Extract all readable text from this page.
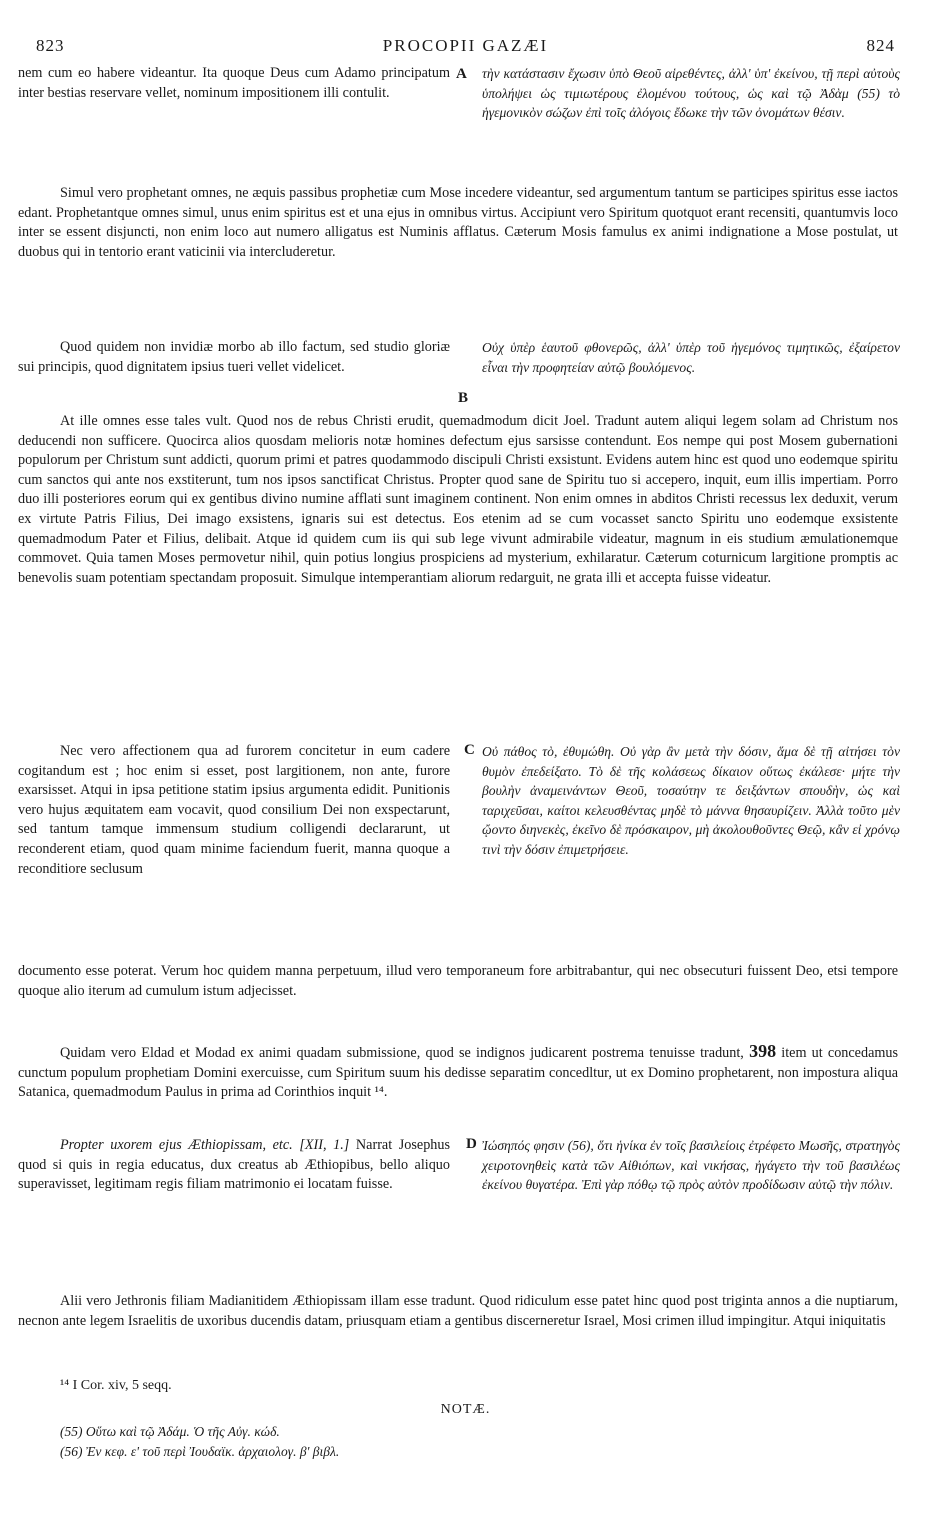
823	PROCOPII GAZÆI	824

nem cum eo habere videantur. Ita quoque Deus cum Adamo principatum inter bestias reservare vellet, nominum impositionem illi contulit.

A τὴν κατάστασιν ἔχωσιν ὑπὸ Θεοῦ αἱρεθέντες, ἀλλ' ὑπ' ἐκείνου, τῇ περὶ αὐτοὺς ὑπολήψει ὡς τιμιωτέρους ἐλομένου τούτους, ὡς καὶ τῷ Ἀδὰμ (55) τὸ ἡγεμονικὸν σώζων ἐπὶ τοῖς ἀλόγοις ἔδωκε τὴν τῶν ὀνομάτων θέσιν.

Simul vero prophetant omnes, ne æquis passibus prophetiæ cum Mose incedere videantur, sed argumentum tantum se participes spiritus esse iactos edant. Prophetantque omnes simul, unus enim spiritus est et una ejus in omnibus virtus. Accipiunt vero Spiritum quotquot erant recensiti, quantumvis loco inter se essent disjuncti, non enim loco aut numero alligatus est Numinis afflatus. Cæterum Mosis famulus ex animi indignatione a Mose postulat, ut duobus qui in tentorio erant vaticinii via intercluderetur.

Quod quidem non invidiæ morbo ab illo factum, sed studio gloriæ sui principis, quod dignitatem ipsius tueri vellet videlicet.

B

Οὐχ ὑπὲρ ἑαυτοῦ φθονερῶς, ἀλλ' ὑπὲρ τοῦ ἡγεμόνος τιμητικῶς, ἐξαίρετον εἶναι τὴν προφητείαν αὐτῷ βουλόμενος.

At ille omnes esse tales vult. Quod nos de rebus Christi erudit, quemadmodum dicit Joel. Tradunt autem aliqui legem solam ad Christum nos deducendi non sufficere. Quocirca alios quosdam melioris notæ homines defectum ejus sarsisse contendunt. Eos nempe qui post Mosem gubernationi populorum per Christum sunt addicti, quorum primi et patres quodammodo discipuli Christi exsistunt. Evidens autem hinc est quod uno eodemque spiritu cum sanctos qui ante nos exstiterunt, tum nos ipsos sanctificat Christus. Propter quod sane de Spiritu tuo si accepero, inquit, eum illis impertiam. Porro duo illi posteriores eorum qui ex gentibus divino numine afflati sunt imaginem continent. Non enim omnes in abditos Christi recessus lex deduxit, verum ex virtute Patris Filius, Dei imago exsistens, ignaris sui est detectus. Eos etenim ad se cum vocasset sancto Spiritu uno eodemque exsistente quemadmodum Pater et Filius, delibait. Atque id quidem cum iis qui sub lege vivunt admirabile videatur, magnum in eis studium æmulationemque commovet. Quia tamen Moses permovetur nihil, quin potius longius prospiciens ad mysterium, exhilaratur. Cæterum coturnicum largitione promptis ac benevolis suam potentiam spectandam proposuit. Simulque intemperantiam aliorum redarguit, ne grata illi et accepta fuisse videatur.

Nec vero affectionem qua ad furorem concitetur in eum cadere cogitandum est ; hoc enim si esset, post largitionem, non ante, furore exarsisset. Atqui in ipsa petitione statim ipsius argumenta edidit. Punitionis vero hujus æquitatem eam vocavit, quod consilium Dei non exspectarunt, sed tantum tamque immensum studium colligendi declararunt, ut reconderent etiam, quod quam minime faciendum fuerit, manna quoque a reconditiore seclusum

C Οὐ πάθος τὸ, ἐθυμώθη. Οὐ γὰρ ἂν μετὰ τὴν δόσιν, ἅμα δὲ τῇ αἰτήσει τὸν θυμὸν ἐπεδείξατο. Τὸ δὲ τῆς κολάσεως δίκαιον οὕτως ἐκάλεσε· μήτε τὴν βουλὴν ἀναμεινάντων Θεοῦ, τοσαύτην τε δειξάντων σπουδὴν, ὡς καὶ ταριχεῦσαι, καίτοι κελευσθέντας μηδὲ τὸ μάννα θησαυρίζειν. Ἀλλὰ τοῦτο μὲν ᾤοντο διηνεκὲς, ἐκεῖνο δὲ πρόσκαιρον, μὴ ἀκολουθοῦντες Θεῷ, κἂν εἰ χρόνῳ τινὶ τὴν δόσιν ἐπιμετρήσειε.

documento esse poterat. Verum hoc quidem manna perpetuum, illud vero temporaneum fore arbitrabantur, qui nec obsecuturi fuissent Deo, etsi tempore quoque alio iterum ad cumulum istum adjecisset.

Quidam vero Eldad et Modad ex animi quadam submissione, quod se indignos judicarent postrema tenuisse tradunt, 398 item ut concedamus cunctum populum prophetiam Domini exercuisse, cum Spiritum suum his dedisse separatim concedltur, ut ex Domino prophetarent, non impostura aliqua Satanica, quemadmodum Paulus in prima ad Corinthios inquit ¹⁴.

Propter uxorem ejus Æthiopissam, etc. [XII, 1.] Narrat Josephus quod si quis in regia educatus, dux creatus ab Æthiopibus, bello aliquo superavisset, legitimam regis filiam matrimonio ei locatam fuisse.

D Ἰώσηπός φησιν (56), ὅτι ἡνίκα ἐν τοῖς βασιλείοις ἐτρέφετο Μωσῆς, στρατηγὸς χειροτονηθεὶς κατὰ τῶν Αἰθιόπων, καὶ νικήσας, ἠγάγετο τὴν τοῦ βασιλέως ἐκείνου θυγατέρα. Ἐπὶ γὰρ πόθῳ τῷ πρὸς αὐτὸν προδίδωσιν αὐτῷ τὴν πόλιν.

Alii vero Jethronis filiam Madianitidem Æthiopissam illam esse tradunt. Quod ridiculum esse patet hinc quod post triginta annos a die nuptiarum, necnon ante legem Israelitis de uxoribus ducendis datam, priusquam etiam a gentibus discerneretur Israel, Mosi crimen illud impingitur. Atqui iniquitatis

¹⁴ I Cor. xiv, 5 seqq.
NOTÆ.
(55) Οὕτω καὶ τῷ Ἀδάμ. Ὁ τῆς Αὐγ. κώδ.
(56) Ἐν κεφ. ε' τοῦ περὶ Ἰουδαϊκ. ἀρχαιολογ. β' βιβλ.
